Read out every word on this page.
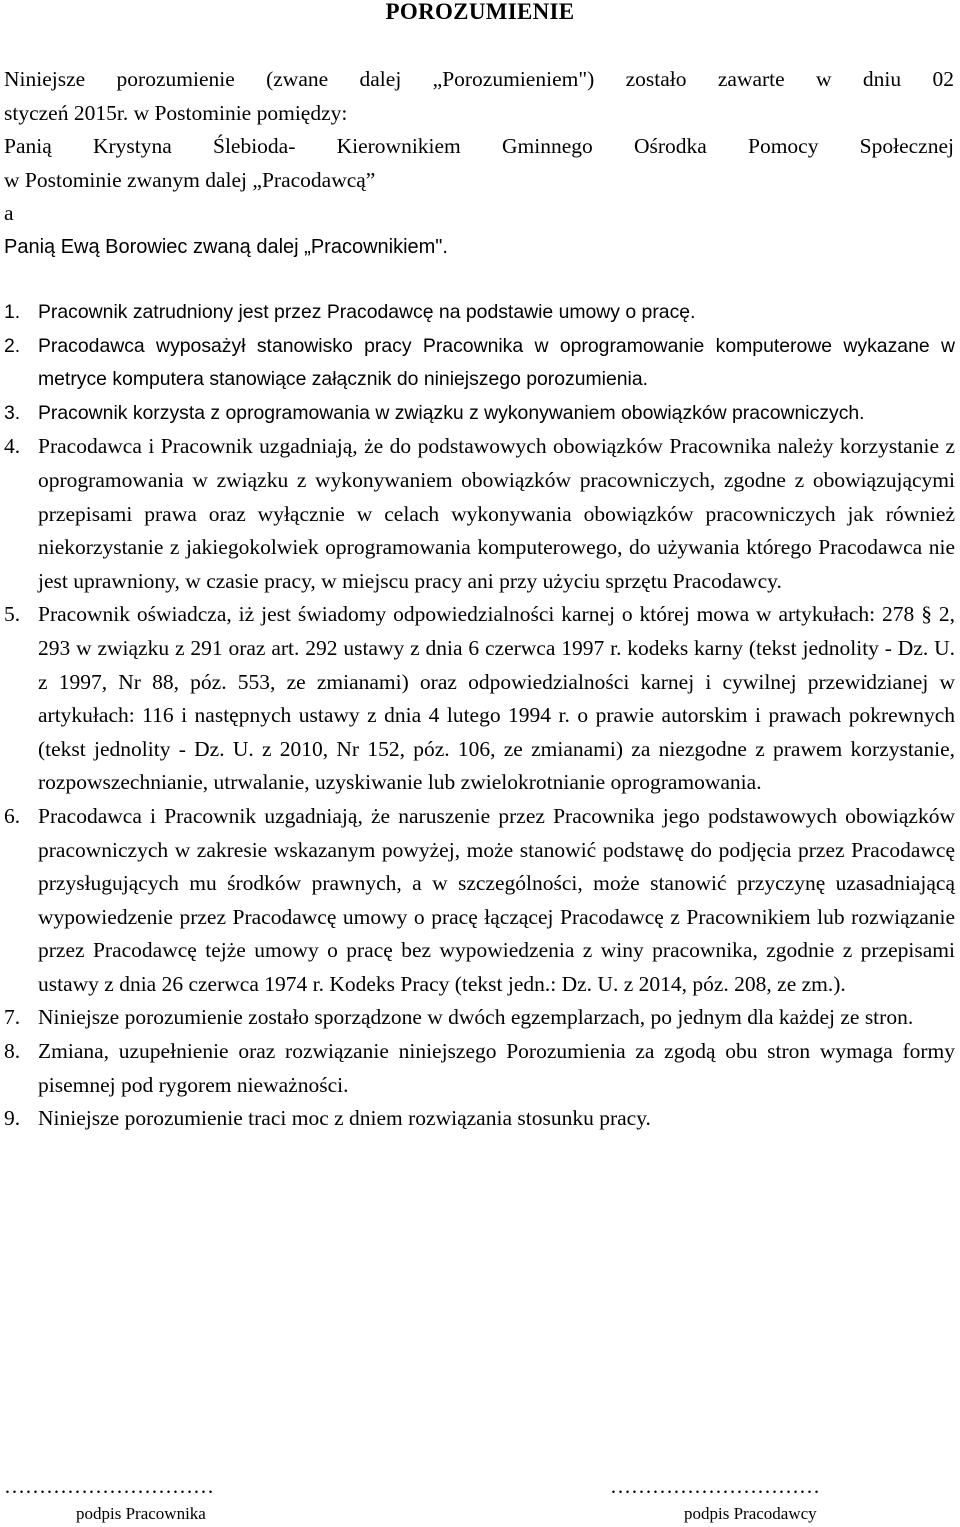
POROZUMIENIE

Niniejsze porozumienie (zwane dalej „Porozumieniem") zostało zawarte w dniu 02

styczeń 2015r. w Postominie pomiędzy:

Panią Krystyna Ślebioda- Kierownikiem Gminnego Ośrodka Pomocy Społecznej

w Postominie zwanym dalej „Pracodawcą”

a

Panią Ewą Borowiec zwaną dalej „Pracownikiem".

1. Pracownik zatrudniony jest przez Pracodawcę na podstawie umowy o pracę.
2. Pracodawca wyposażył stanowisko pracy Pracownika w oprogramowanie komputerowe wykazane w metryce komputera stanowiące załącznik do niniejszego porozumienia.
3. Pracownik korzysta z oprogramowania w związku z wykonywaniem obowiązków pracowniczych.
4. Pracodawca i Pracownik uzgadniają, że do podstawowych obowiązków Pracownika należy korzystanie z oprogramowania w związku z wykonywaniem obowiązków pracowniczych, zgodne z obowiązującymi przepisami prawa oraz wyłącznie w celach wykonywania obowiązków pracowniczych jak również niekorzystanie z jakiegokolwiek oprogramowania komputerowego, do używania którego Pracodawca nie jest uprawniony, w czasie pracy, w miejscu pracy ani przy użyciu sprzętu Pracodawcy.
5. Pracownik oświadcza, iż jest świadomy odpowiedzialności karnej o której mowa w artykułach: 278 § 2, 293 w związku z 291 oraz art. 292 ustawy z dnia 6 czerwca 1997 r. kodeks karny (tekst jednolity - Dz. U. z 1997, Nr 88, póz. 553, ze zmianami) oraz odpowiedzialności karnej i cywilnej przewidzianej w artykułach: 116 i następnych ustawy z dnia 4 lutego 1994 r. o prawie autorskim i prawach pokrewnych (tekst jednolity - Dz. U. z 2010, Nr 152, póz. 106, ze zmianami) za niezgodne z prawem korzystanie, rozpowszechnianie, utrwalanie, uzyskiwanie lub zwielokrotnianie oprogramowania.
6. Pracodawca i Pracownik uzgadniają, że naruszenie przez Pracownika jego podstawowych obowiązków pracowniczych w zakresie wskazanym powyżej, może stanowić podstawę do podjęcia przez Pracodawcę przysługujących mu środków prawnych, a w szczególności, może stanowić przyczynę uzasadniającą wypowiedzenie przez Pracodawcę umowy o pracę łączącej Pracodawcę z Pracownikiem lub rozwiązanie przez Pracodawcę tejże umowy o pracę bez wypowiedzenia z winy pracownika, zgodnie z przepisami ustawy z dnia 26 czerwca 1974 r. Kodeks Pracy (tekst jedn.: Dz. U. z 2014, póz. 208, ze zm.).
7. Niniejsze porozumienie zostało sporządzone w dwóch egzemplarzach, po jednym dla każdej ze stron.
8. Zmiana, uzupełnienie oraz rozwiązanie niniejszego Porozumienia za zgodą obu stron wymaga formy pisemnej pod rygorem nieważności.
9. Niniejsze porozumienie traci moc z dniem rozwiązania stosunku pracy.
…………………………
podpis Pracownika
…………………………
podpis Pracodawcy
